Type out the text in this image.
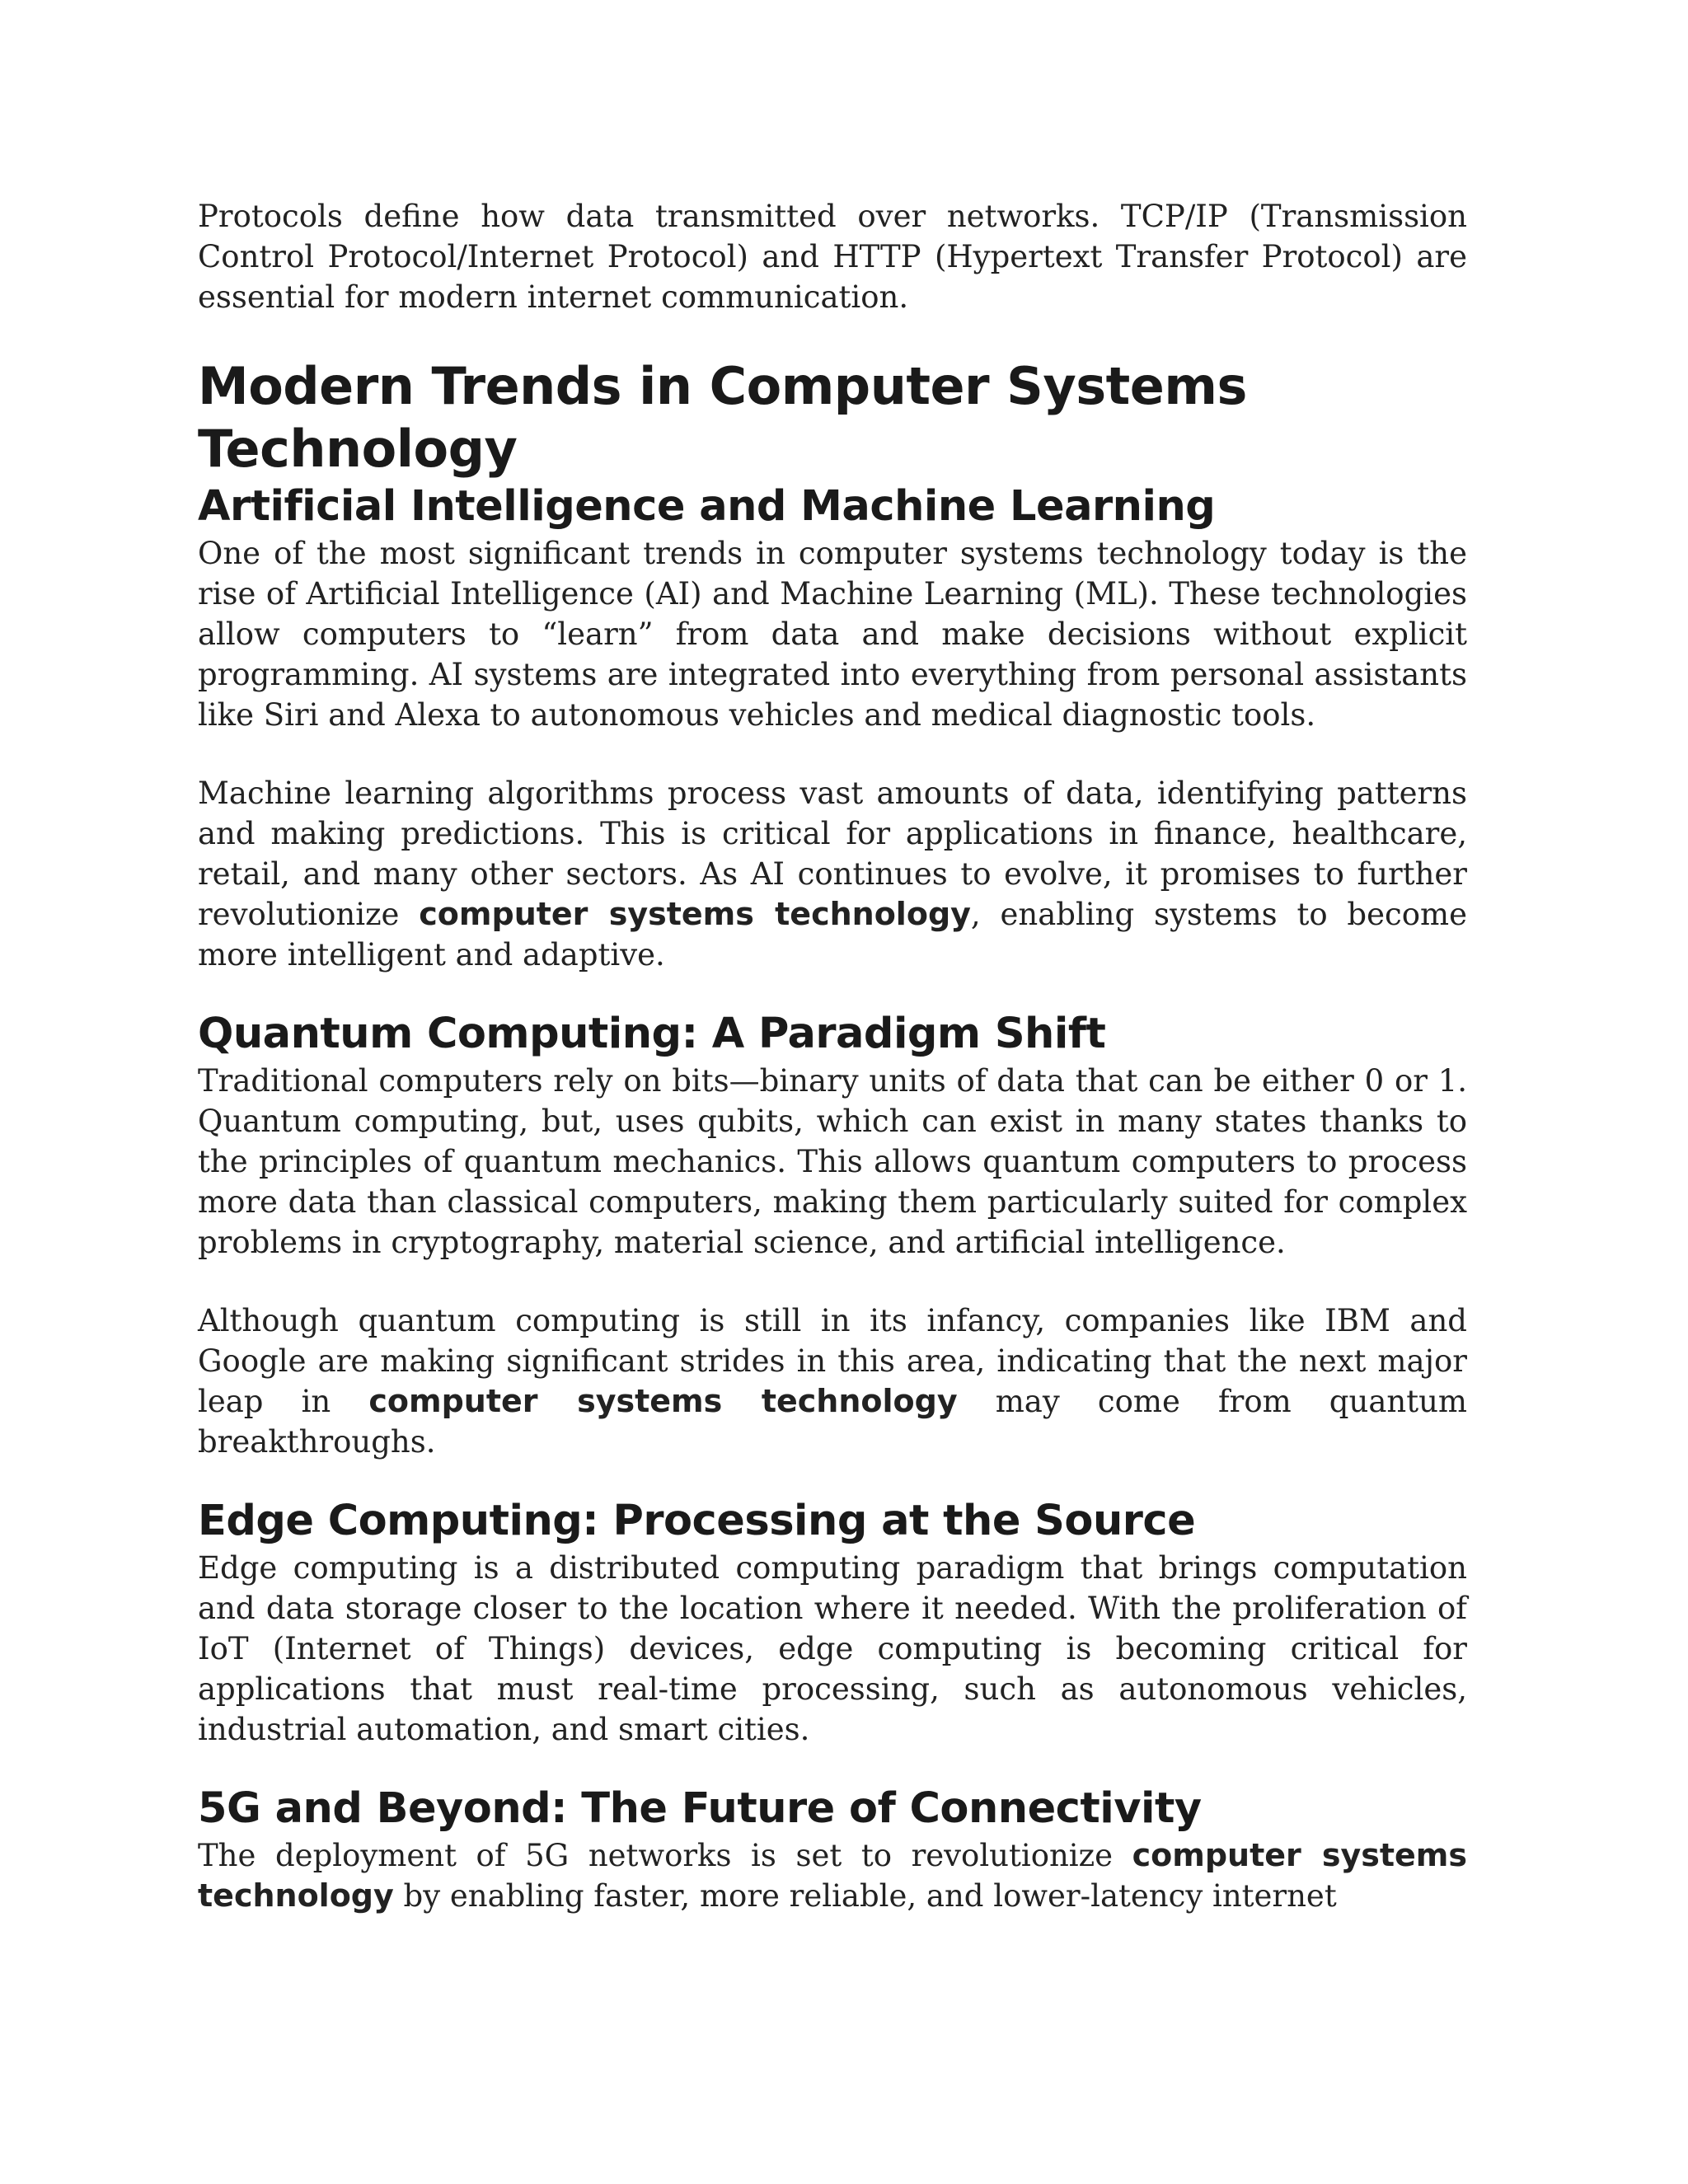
Protocols define how data transmitted over networks. TCP/IP (Transmission Control Protocol/Internet Protocol) and HTTP (Hypertext Transfer Protocol) are essential for modern internet communication.

Modern Trends in Computer Systems Technology
Artificial Intelligence and Machine Learning

One of the most significant trends in computer systems technology today is the rise of Artificial Intelligence (AI) and Machine Learning (ML). These technologies allow computers to “learn” from data and make decisions without explicit programming. AI systems are integrated into everything from personal assistants like Siri and Alexa to autonomous vehicles and medical diagnostic tools.

Machine learning algorithms process vast amounts of data, identifying patterns and making predictions. This is critical for applications in finance, healthcare, retail, and many other sectors. As AI continues to evolve, it promises to further revolutionize computer systems technology, enabling systems to become more intelligent and adaptive.

Quantum Computing: A Paradigm Shift

Traditional computers rely on bits—binary units of data that can be either 0 or 1. Quantum computing, but, uses qubits, which can exist in many states thanks to the principles of quantum mechanics. This allows quantum computers to process more data than classical computers, making them particularly suited for complex problems in cryptography, material science, and artificial intelligence.

Although quantum computing is still in its infancy, companies like IBM and Google are making significant strides in this area, indicating that the next major leap in computer systems technology may come from quantum breakthroughs.

Edge Computing: Processing at the Source

Edge computing is a distributed computing paradigm that brings computation and data storage closer to the location where it needed. With the proliferation of IoT (Internet of Things) devices, edge computing is becoming critical for applications that must real-time processing, such as autonomous vehicles, industrial automation, and smart cities.

5G and Beyond: The Future of Connectivity

The deployment of 5G networks is set to revolutionize computer systems technology by enabling faster, more reliable, and lower-latency internet
